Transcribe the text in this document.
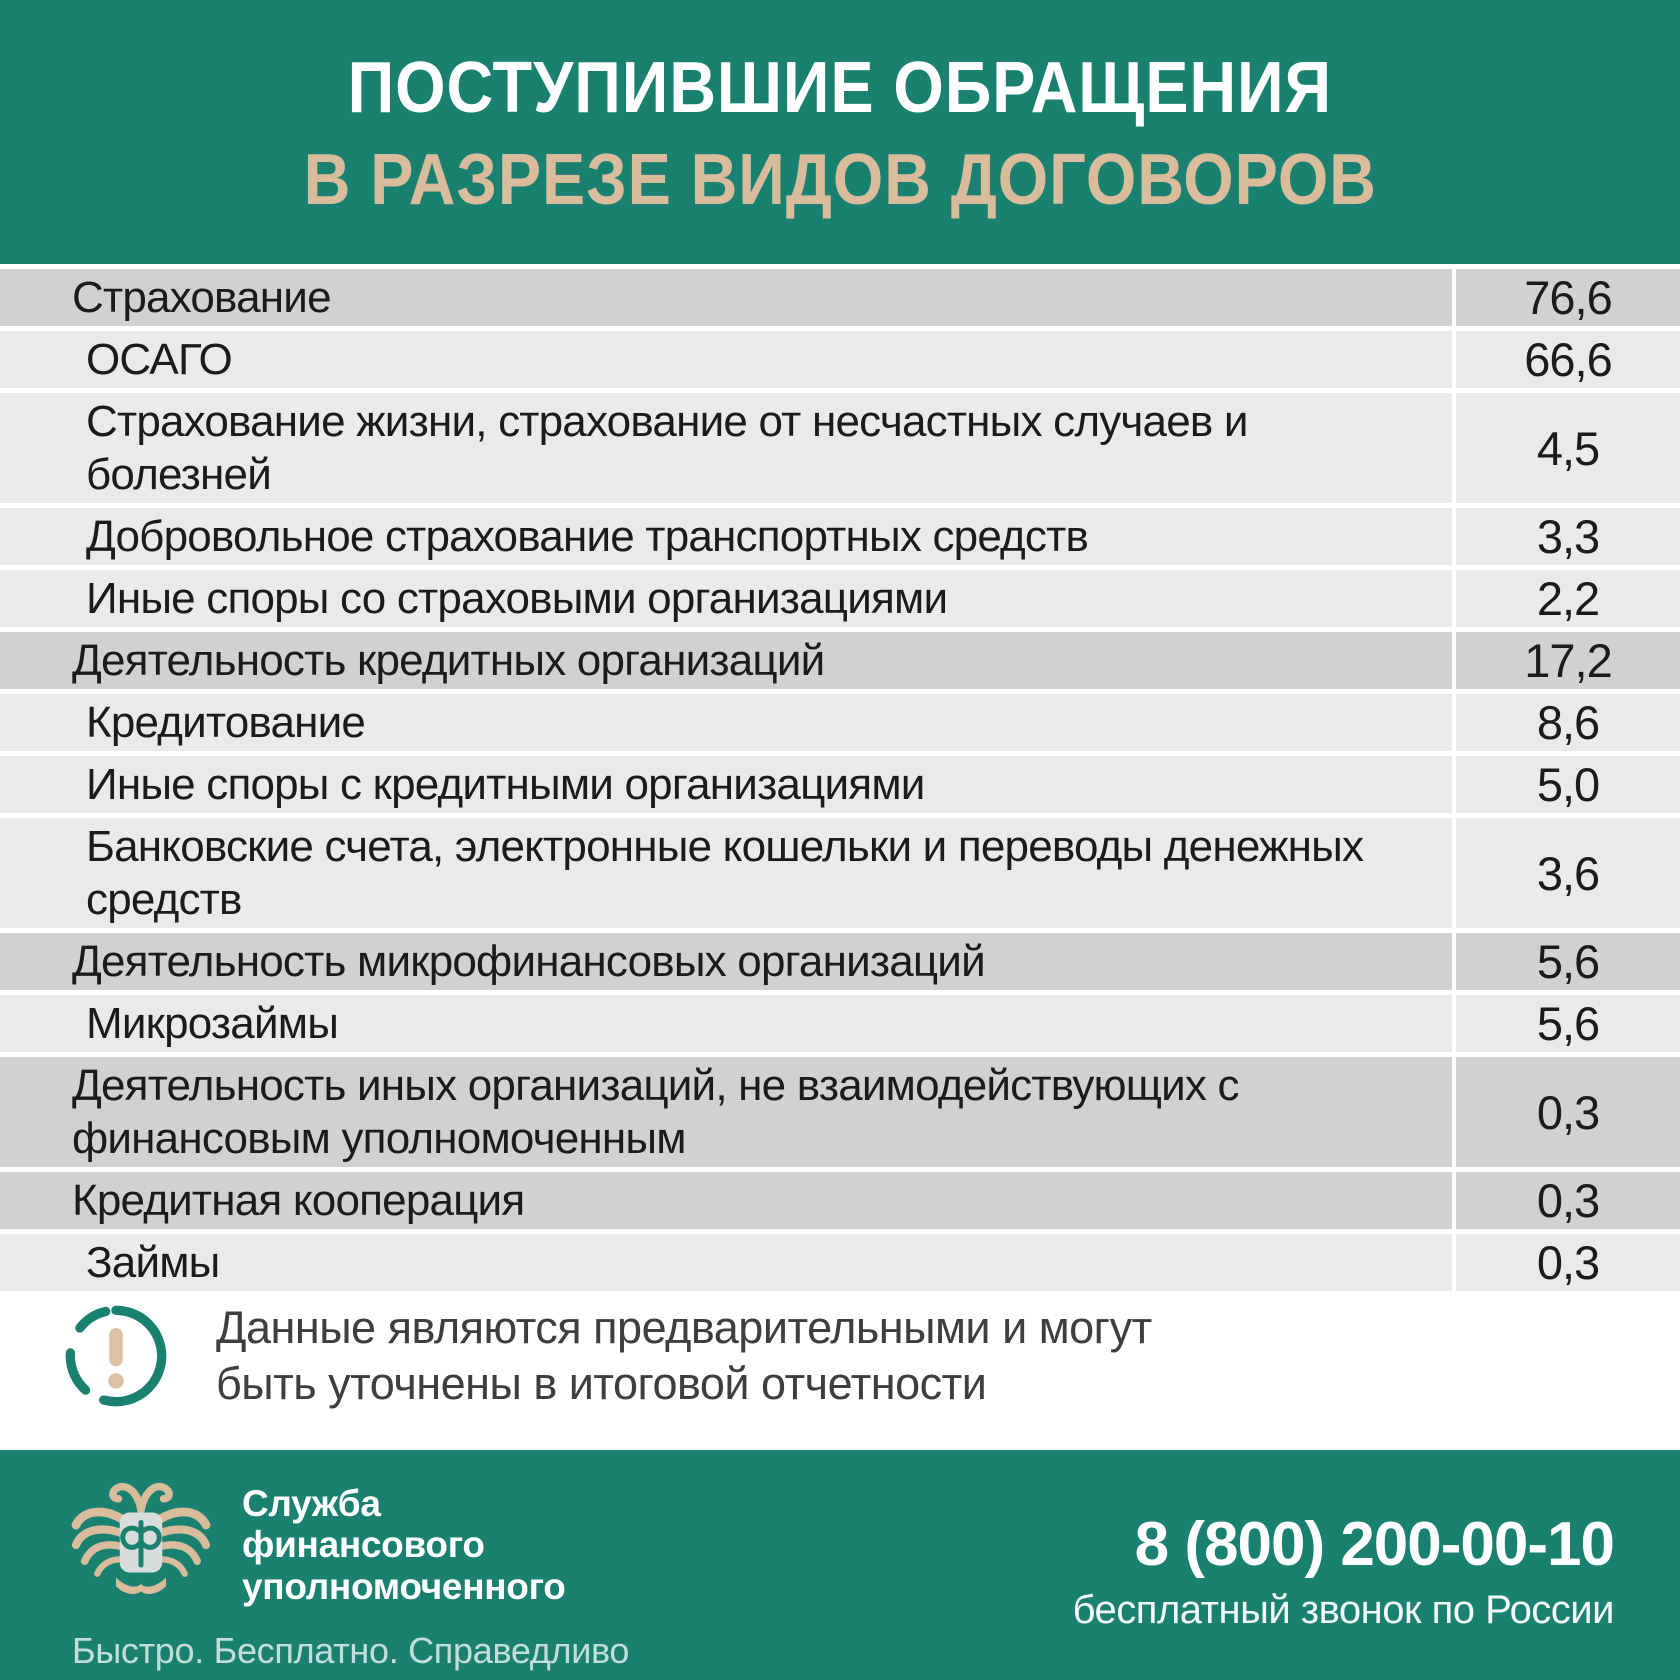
ПОСТУПИВШИЕ ОБРАЩЕНИЯ
В РАЗРЕЗЕ ВИДОВ ДОГОВОРОВ
Страхование	76,6
ОСАГО	66,6
Страхование жизни, страхование от несчастных случаев и болезней	4,5
Добровольное страхование транспортных средств	3,3
Иные споры со страховыми организациями	2,2
Деятельность кредитных организаций	17,2
Кредитование	8,6
Иные споры с кредитными организациями	5,0
Банковские счета, электронные кошельки и переводы денежных средств	3,6
Деятельность микрофинансовых организаций	5,6
Микрозаймы	5,6
Деятельность иных организаций, не взаимодействующих с финансовым уполномоченным	0,3
Кредитная кооперация	0,3
Займы	0,3
Данные являются предварительными и могут
быть уточнены в итоговой отчетности
Служба
финансового
уполномоченного
Быстро. Бесплатно. Справедливо
8 (800) 200-00-10
бесплатный звонок по России
